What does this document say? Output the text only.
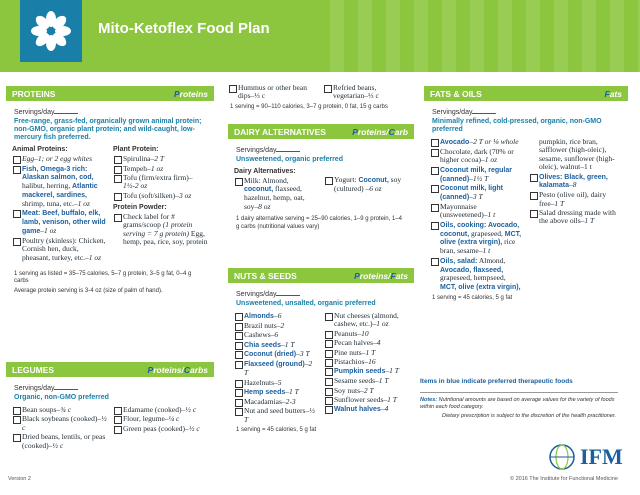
Mito-Ketoflex Food Plan
PROTEINS	Proteins
Servings/day
Free-range, grass-fed, organically grown animal protein; non-GMO, organic plant protein; and wild-caught, low-mercury fish preferred.
Animal Proteins:
Egg–1; or 2 egg whites
Fish, Omega-3 rich: Alaskan salmon, cod, halibut, herring, Atlantic mackerel, sardines, shrimp, tuna, etc.–1 oz
Meat: Beef, buffalo, elk, lamb, venison, other wild game–1 oz
Poultry (skinless): Chicken, Cornish hen, duck, pheasant, turkey, etc.–1 oz
Plant Protein:
Spirulina–2 T
Tempeh–1 oz
Tofu (firm/extra firm)–1½-2 oz
Tofu (soft/silken)–3 oz
Protein Powder:
Check label for # grams/scoop (1 protein serving = 7 g protein) Egg, hemp, pea, rice, soy, protein
1 serving as listed = 35–75 calories, 5–7 g protein, 3–5 g fat, 0–4 g carbs
Average protein serving is 3-4 oz (size of palm of hand).
LEGUMES	Proteins/Carbs
Servings/day
Organic, non-GMO preferred
Bean soups–¾ c
Black soybeans (cooked)–½ c
Dried beans, lentils, or peas (cooked)–½ c
Edamame (cooked)–½ c
Flour, legume–¼ c
Green peas (cooked)–½ c
Hummus or other bean dips–⅓ c
Refried beans, vegetarian–⅓ c
1 serving = 90–110 calories, 3–7 g protein, 0 fat, 15 g carbs
DAIRY ALTERNATIVES	Proteins/Carb
Servings/day
Unsweetened, organic preferred
Dairy Alternatives:
Milk: Almond, coconut, flaxseed, hazelnut, hemp, oat, soy–8 oz
Yogurt: Coconut, soy (cultured) –6 oz
1 dairy alternative serving = 25–90 calories, 1–9 g protein, 1–4 g carbs (nutritional values vary)
NUTS & SEEDS	Proteins/Fats
Servings/day
Unsweetened, unsalted, organic preferred
Almonds–6
Brazil nuts–2
Cashews–6
Chia seeds–1 T
Coconut (dried)–3 T
Flaxseed (ground)–2 T
Hazelnuts–5
Hemp seeds–1 T
Macadamias–2-3
Nut and seed butters–½ T
Nut cheeses (almond, cashew, etc.)–1 oz
Peanuts–10
Pecan halves–4
Pine nuts–1 T
Pistachios–16
Pumpkin seeds–1 T
Sesame seeds–1 T
Soy nuts–2 T
Sunflower seeds–1 T
Walnut halves–4
1 serving = 45 calories, 5 g fat
FATS & OILS	Fats
Servings/day
Minimally refined, cold-pressed, organic, non-GMO preferred
Avocado–2 T or ⅛ whole
Chocolate, dark (70% or higher cocoa)–1 oz
Coconut milk, regular (canned)–1½ T
Coconut milk, light (canned)–3 T
Mayonnaise (unsweetened)–1 t
Oils, cooking: Avocado, coconut, grapeseed, MCT, olive (extra virgin), rice bran, sesame–1 t
Oils, salad: Almond, Avocado, flaxseed, grapeseed, hempseed, MCT, olive (extra virgin),
pumpkin, rice bran, safflower (high-oleic), sesame, sunflower (high-oleic), walnut–1 t
Olives: Black, green, kalamata–8
Pesto (olive oil), dairy free–1 T
Salad dressing made with the above oils–1 T
1 serving = 45 calories, 5 g fat
Items in blue indicate preferred therapeutic foods
Notes: Nutritional amounts are based on average values for the variety of foods within each food category.
Dietary prescription is subject to the discretion of the health practitioner.
IFM
Version 2	© 2016 The Institute for Functional Medicine
